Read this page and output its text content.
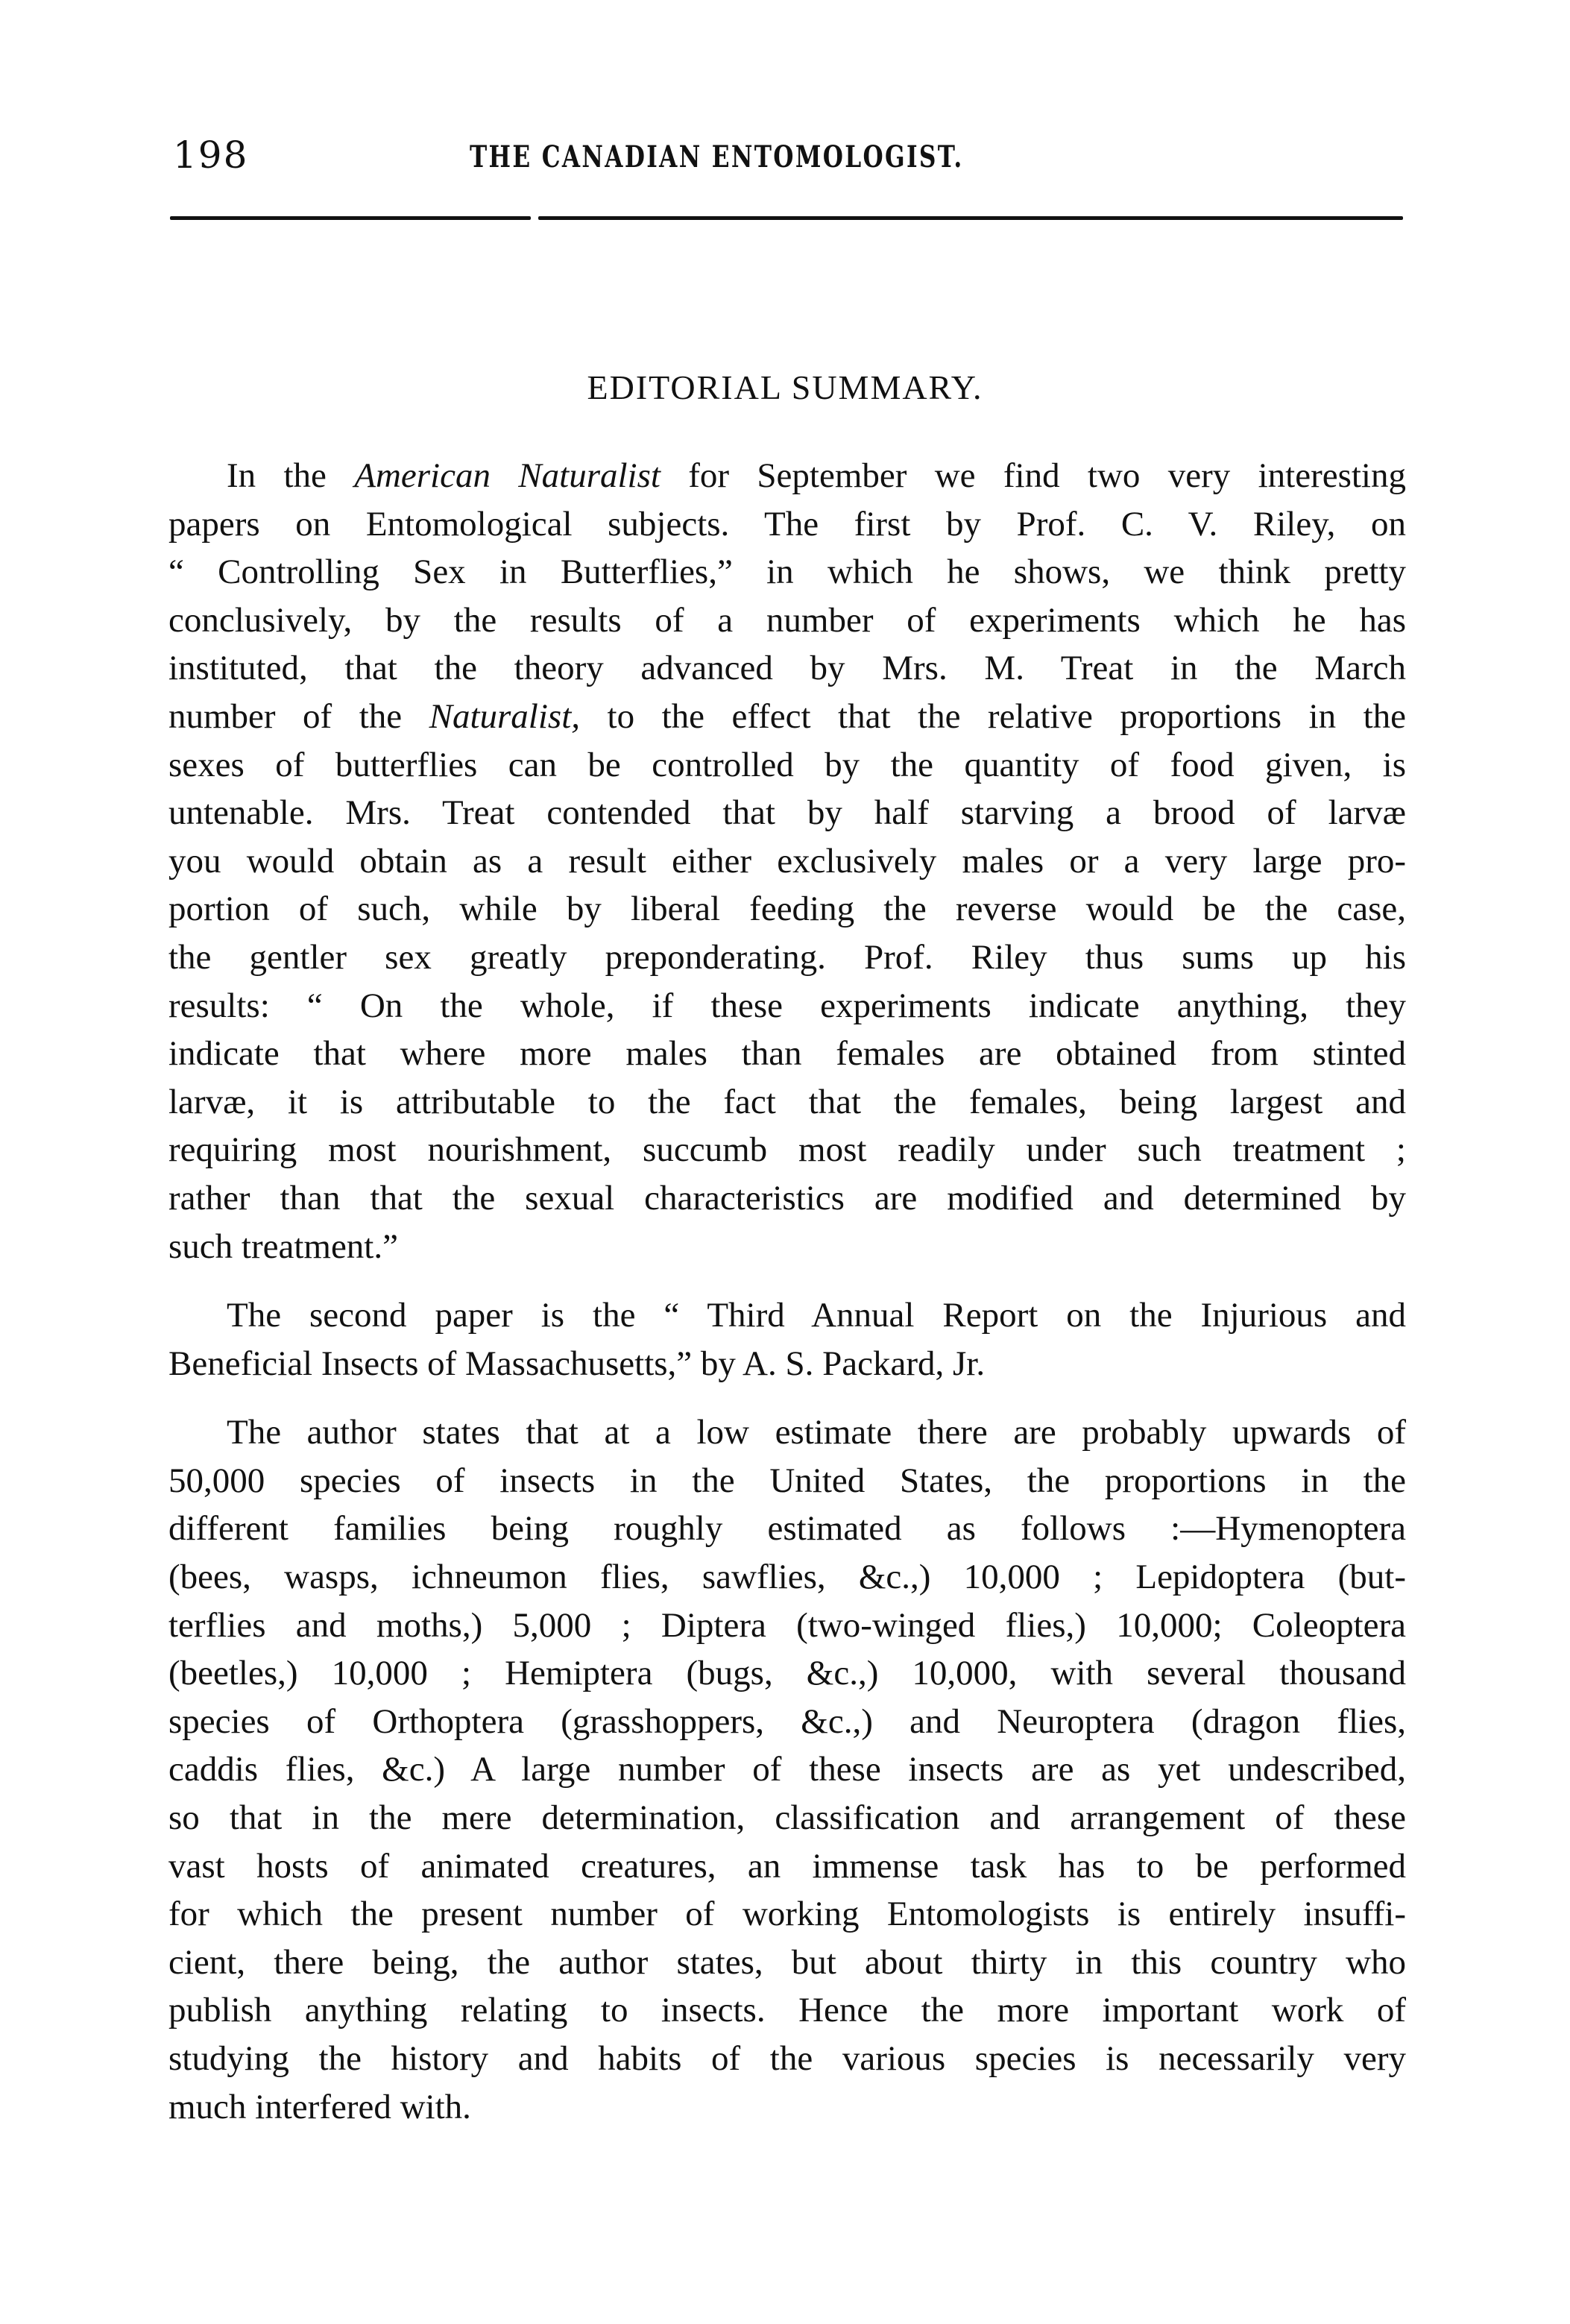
198	THE CANADIAN ENTOMOLOGIST.
EDITORIAL SUMMARY.

In the American Naturalist for September we find two very interesting
papers on Entomological subjects. The first by Prof. C. V. Riley, on
“ Controlling Sex in Butterflies,” in which he shows, we think pretty
conclusively, by the results of a number of experiments which he has
instituted, that the theory advanced by Mrs. M. Treat in the March
number of the Naturalist, to the effect that the relative proportions in the
sexes of butterflies can be controlled by the quantity of food given, is
untenable. Mrs. Treat contended that by half starving a brood of larvæ
you would obtain as a result either exclusively males or a very large pro-
portion of such, while by liberal feeding the reverse would be the case,
the gentler sex greatly preponderating. Prof. Riley thus sums up his
results: “ On the whole, if these experiments indicate anything, they
indicate that where more males than females are obtained from stinted
larvæ, it is attributable to the fact that the females, being largest and
requiring most nourishment, succumb most readily under such treatment ;
rather than that the sexual characteristics are modified and determined by
such treatment.”

The second paper is the “ Third Annual Report on the Injurious and
Beneficial Insects of Massachusetts,” by A. S. Packard, Jr.

The author states that at a low estimate there are probably upwards of
50,000 species of insects in the United States, the proportions in the
different families being roughly estimated as follows :—Hymenoptera
(bees, wasps, ichneumon flies, sawflies, &c.,) 10,000 ; Lepidoptera (but-
terflies and moths,) 5,000 ; Diptera (two-winged flies,) 10,000; Coleoptera
(beetles,) 10,000 ; Hemiptera (bugs, &c.,) 10,000, with several thousand
species of Orthoptera (grasshoppers, &c.,) and Neuroptera (dragon flies,
caddis flies, &c.) A large number of these insects are as yet undescribed,
so that in the mere determination, classification and arrangement of these
vast hosts of animated creatures, an immense task has to be performed
for which the present number of working Entomologists is entirely insuffi-
cient, there being, the author states, but about thirty in this country who
publish anything relating to insects. Hence the more important work of
studying the history and habits of the various species is necessarily very
much interfered with.
